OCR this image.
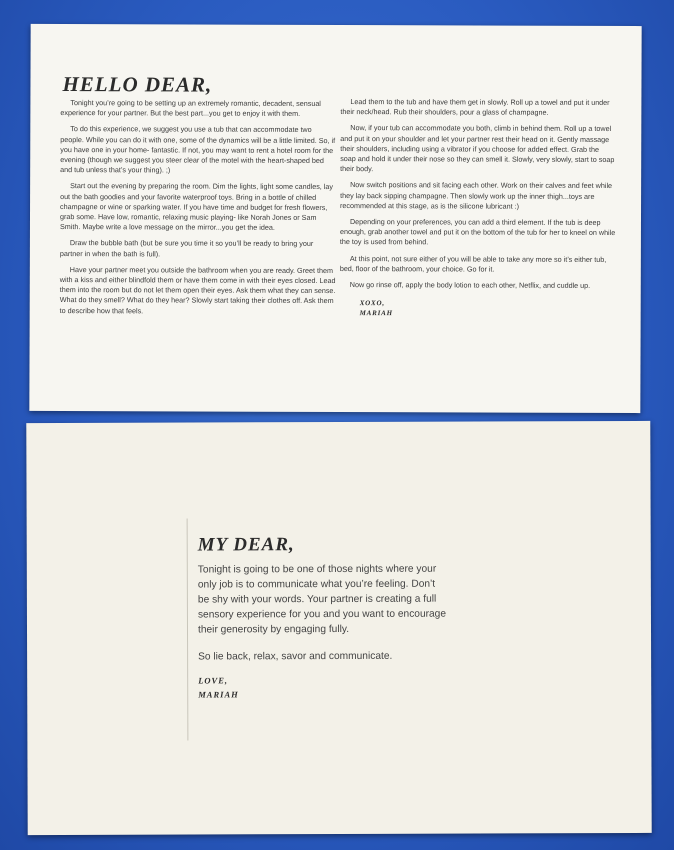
HELLO DEAR,

Tonight you’re going to be setting up an extremely romantic, decadent, sensual experience for your partner. But the best part...you get to enjoy it with them.

To do this experience, we suggest you use a tub that can accommodate two people. While you can do it with one, some of the dynamics will be a little limited. So, if you have one in your home- fantastic. If not, you may want to rent a hotel room for the evening (though we suggest you steer clear of the motel with the heart-shaped bed and tub unless that’s your thing). ;)

Start out the evening by preparing the room. Dim the lights, light some candles, lay out the bath goodies and your favorite waterproof toys. Bring in a bottle of chilled champagne or wine or sparking water. If you have time and budget for fresh flowers, grab some. Have low, romantic, relaxing music playing- like Norah Jones or Sam Smith. Maybe write a love message on the mirror...you get the idea.

Draw the bubble bath (but be sure you time it so you’ll be ready to bring your partner in when the bath is full).

Have your partner meet you outside the bathroom when you are ready. Greet them with a kiss and either blindfold them or have them come in with their eyes closed. Lead them into the room but do not let them open their eyes. Ask them what they can sense. What do they smell? What do they hear? Slowly start taking their clothes off. Ask them to describe how that feels.

Lead them to the tub and have them get in slowly. Roll up a towel and put it under their neck/head. Rub their shoulders, pour a glass of champagne.

Now, if your tub can accommodate you both, climb in behind them. Roll up a towel and put it on your shoulder and let your partner rest their head on it. Gently massage their shoulders, including using a vibrator if you choose for added effect. Grab the soap and hold it under their nose so they can smell it. Slowly, very slowly, start to soap their body.

Now switch positions and sit facing each other. Work on their calves and feet while they lay back sipping champagne. Then slowly work up the inner thigh...toys are recommended at this stage, as is the silicone lubricant :)

Depending on your preferences, you can add a third element. If the tub is deep enough, grab another towel and put it on the bottom of the tub for her to kneel on while the toy is used from behind.

At this point, not sure either of you will be able to take any more so it’s either tub, bed, floor of the bathroom, your choice. Go for it.

Now go rinse off, apply the body lotion to each other, Netflix, and cuddle up.

XOXO,
MARIAH
MY DEAR,

Tonight is going to be one of those nights where your only job is to communicate what you’re feeling. Don’t be shy with your words. Your partner is creating a full sensory experience for you and you want to encourage their generosity by engaging fully.

So lie back, relax, savor and communicate.

LOVE,
MARIAH
